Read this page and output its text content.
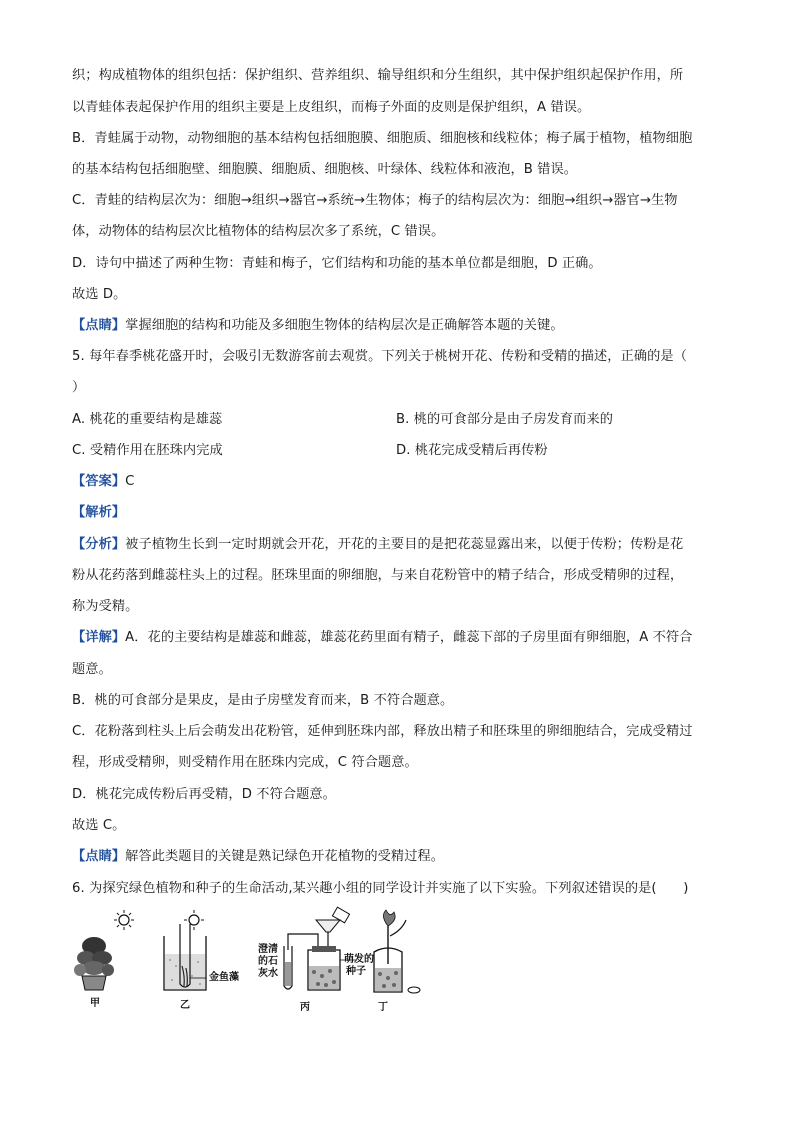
织；构成植物体的组织包括：保护组织、营养组织、输导组织和分生组织，其中保护组织起保护作用，所
以青蛙体表起保护作用的组织主要是上皮组织，而梅子外面的皮则是保护组织，A 错误。
B．青蛙属于动物，动物细胞的基本结构包括细胞膜、细胞质、细胞核和线粒体；梅子属于植物，植物细胞
的基本结构包括细胞壁、细胞膜、细胞质、细胞核、叶绿体、线粒体和液泡，B 错误。
C．青蛙的结构层次为：细胞→组织→器官→系统→生物体；梅子的结构层次为：细胞→组织→器官→生物
体，动物体的结构层次比植物体的结构层次多了系统，C 错误。
D．诗句中描述了两种生物：青蛙和梅子，它们结构和功能的基本单位都是细胞，D 正确。
故选 D。
【点睛】掌握细胞的结构和功能及多细胞生物体的结构层次是正确解答本题的关键。
5. 每年春季桃花盛开时，会吸引无数游客前去观赏。下列关于桃树开花、传粉和受精的描述，正确的是（
）
A. 桃花的重要结构是雄蕊	B. 桃的可食部分是由子房发育而来的
C. 受精作用在胚珠内完成	D. 桃花完成受精后再传粉
【答案】C
【解析】
【分析】被子植物生长到一定时期就会开花，开花的主要目的是把花蕊显露出来，以便于传粉；传粉是花
粉从花药落到雌蕊柱头上的过程。胚珠里面的卵细胞，与来自花粉管中的精子结合，形成受精卵的过程，
称为受精。
【详解】A．花的主要结构是雄蕊和雌蕊，雄蕊花药里面有精子，雌蕊下部的子房里面有卵细胞，A 不符合
题意。
B．桃的可食部分是果皮，是由子房壁发育而来，B 不符合题意。
C．花粉落到柱头上后会萌发出花粉管，延伸到胚珠内部，释放出精子和胚珠里的卵细胞结合，完成受精过
程，形成受精卵，则受精作用在胚珠内完成，C 符合题意。
D．桃花完成传粉后再受精，D 不符合题意。
故选 C。
【点睛】解答此类题目的关键是熟记绿色开花植物的受精过程。
6. 为探究绿色植物和种子的生命活动,某兴趣小组的同学设计并实施了以下实验。下列叙述错误的是(　　)
甲
金鱼藻
乙
澄清
的石
灰水
萌发的
种子
丙	丁
